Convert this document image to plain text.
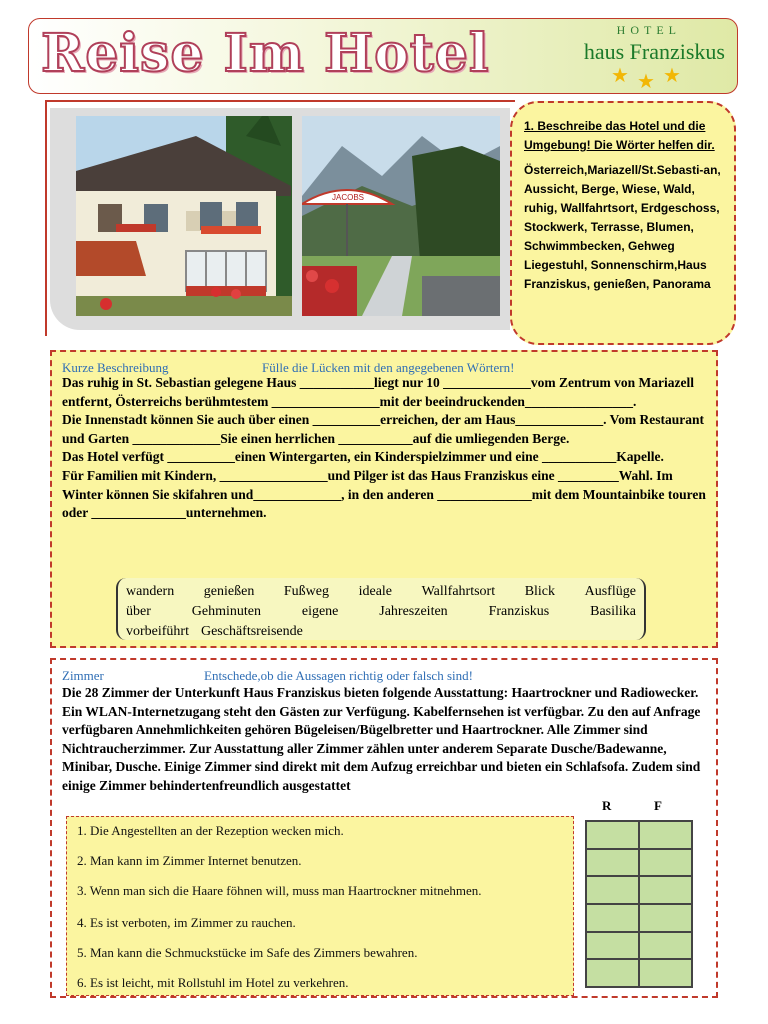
Reise Im Hotel	HOTEL
haus Franziskus
★ ★ ★
JACOBS
1. Beschreibe das Hotel und die Umgebung! Die Wörter helfen dir.
Österreich,Mariazell/St.Sebasti-an, Aussicht, Berge, Wiese, Wald, ruhig, Wallfahrtsort, Erdgeschoss, Stockwerk, Terrasse, Blumen, Schwimmbecken, Gehweg Liegestuhl, Sonnenschirm,Haus Franziskus, genießen, Panorama
Kurze Beschreibung	Fülle die Lücken mit den angegebenen Wörtern!

Das ruhig in St. Sebastian gelegene Haus ___________liegt nur 10 _____________vom Zentrum von Mariazell entfernt, Österreichs berühmtestem ________________mit der beeindruckenden________________.

Die Innenstadt können Sie auch über einen __________erreichen, der am Haus_____________. Vom Restaurant und Garten _____________Sie einen herrlichen ___________auf die umliegenden Berge.

Das Hotel verfügt __________einen Wintergarten, ein Kinderspielzimmer und eine ___________Kapelle.

Für Familien mit Kindern, ________________und Pilger ist das Haus Franziskus eine _________Wahl. Im Winter können Sie skifahren und_____________, in den anderen ______________mit dem Mountainbike touren oder ______________unternehmen.

wandern genießen Fußweg ideale Wallfahrtsort Blick Ausflüge
über	Gehminuten	eigene	Jahreszeiten	Franziskus	Basilika
vorbeiführt Geschäftsreisende
Zimmer	Entschede,ob die Aussagen richtig oder falsch sind!
Die 28 Zimmer der Unterkunft Haus Franziskus bieten folgende Ausstattung: Haartrockner und Radiowecker. Ein WLAN-Internetzugang steht den Gästen zur Verfügung. Kabelfernsehen ist verfügbar. Zu den auf Anfrage verfügbaren Annehmlichkeiten gehören Bügeleisen/Bügelbretter und Haartrockner. Alle Zimmer sind Nichtraucherzimmer. Zur Ausstattung aller Zimmer zählen unter anderem Separate Dusche/Badewanne, Minibar, Dusche. Einige Zimmer sind direkt mit dem Aufzug erreichbar und bieten ein Schlafsofa. Zudem sind einige Zimmer behindertenfreundlich ausgestattet
R	F
1. Die Angestellten an der Rezeption wecken mich.
2. Man kann im Zimmer Internet benutzen.
3. Wenn man sich die Haare föhnen will, muss man Haartrockner mitnehmen.
4. Es ist verboten, im Zimmer zu rauchen.
5. Man kann die Schmuckstücke im Safe des Zimmers bewahren.
6. Es ist leicht, mit Rollstuhl im Hotel zu verkehren.
